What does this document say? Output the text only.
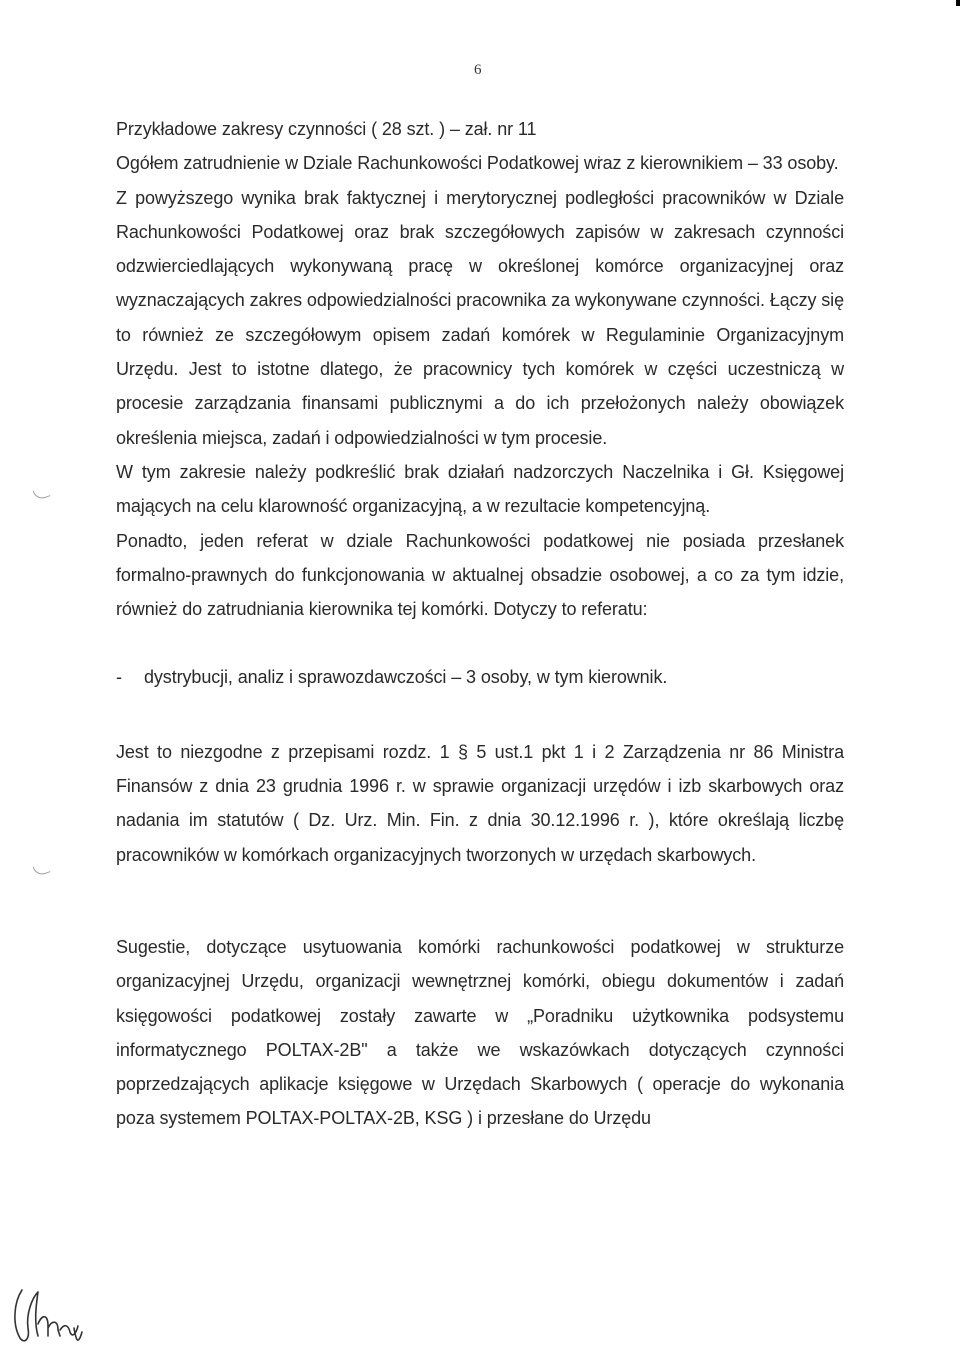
6

Przykładowe zakresy czynności ( 28 szt. ) – zał. nr 11

Ogółem zatrudnienie w Dziale Rachunkowości Podatkowej wraz z kierownikiem – 33 osoby.

Z powyższego wynika brak faktycznej i merytorycznej podległości pracowników w Dziale Rachunkowości Podatkowej oraz brak szczegółowych zapisów w zakresach czynności odzwierciedlających wykonywaną pracę w określonej komórce organizacyjnej oraz wyznaczających zakres odpowiedzialności pracownika za wykonywane czynności. Łączy się to również ze szczegółowym opisem zadań komórek w Regulaminie Organizacyjnym Urzędu. Jest to istotne dlatego, że pracownicy tych komórek w części uczestniczą w procesie zarządzania finansami publicznymi a do ich przełożonych należy obowiązek określenia miejsca, zadań i odpowiedzialności w tym procesie.

W tym zakresie należy podkreślić brak działań nadzorczych Naczelnika i Gł. Księgowej mających na celu klarowność organizacyjną, a w rezultacie kompetencyjną.

Ponadto, jeden referat w dziale Rachunkowości podatkowej nie posiada przesłanek formalno-prawnych do funkcjonowania w aktualnej obsadzie osobowej, a co za tym idzie, również do zatrudniania kierownika tej komórki. Dotyczy to referatu:

-	dystrybucji, analiz i sprawozdawczości – 3 osoby, w tym kierownik.

Jest to niezgodne z przepisami rozdz. 1 § 5 ust.1 pkt 1 i 2 Zarządzenia nr 86 Ministra Finansów z dnia 23 grudnia 1996 r. w sprawie organizacji urzędów i izb skarbowych oraz nadania im statutów ( Dz. Urz. Min. Fin. z dnia 30.12.1996 r. ), które określają liczbę pracowników w komórkach organizacyjnych tworzonych w urzędach skarbowych.

Sugestie, dotyczące usytuowania komórki rachunkowości podatkowej w strukturze organizacyjnej Urzędu, organizacji wewnętrznej komórki, obiegu dokumentów i zadań księgowości podatkowej zostały zawarte w „Poradniku użytkownika podsystemu informatycznego POLTAX-2B" a także we wskazówkach dotyczących czynności poprzedzających aplikacje księgowe w Urzędach Skarbowych ( operacje do wykonania poza systemem POLTAX-POLTAX-2B, KSG ) i przesłane do Urzędu
